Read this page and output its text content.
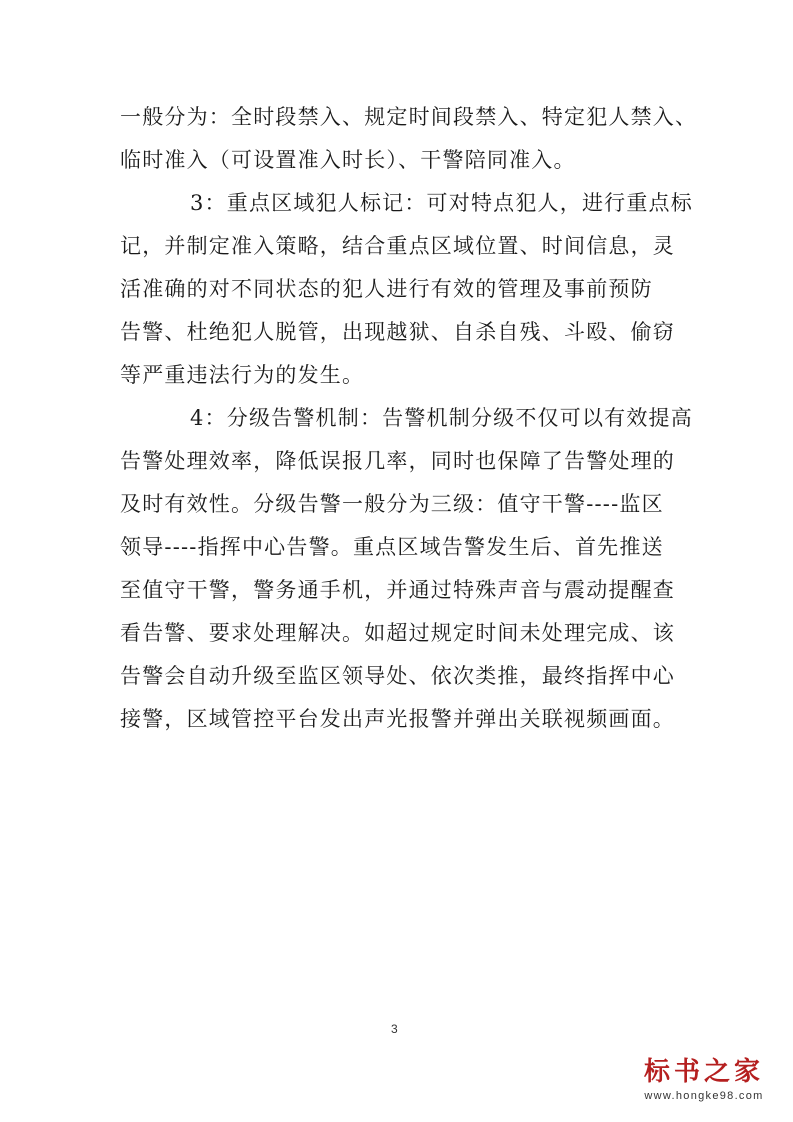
一般分为：全时段禁入、规定时间段禁入、特定犯人禁入、
临时准入（可设置准入时长）、干警陪同准入。
3：重点区域犯人标记：可对特点犯人，进行重点标
记，并制定准入策略，结合重点区域位置、时间信息，灵
活准确的对不同状态的犯人进行有效的管理及事前预防
告警、杜绝犯人脱管，出现越狱、自杀自残、斗殴、偷窃
等严重违法行为的发生。
4：分级告警机制：告警机制分级不仅可以有效提高
告警处理效率，降低误报几率，同时也保障了告警处理的
及时有效性。分级告警一般分为三级：值守干警----监区
领导----指挥中心告警。重点区域告警发生后、首先推送
至值守干警，警务通手机，并通过特殊声音与震动提醒查
看告警、要求处理解决。如超过规定时间未处理完成、该
告警会自动升级至监区领导处、依次类推，最终指挥中心
接警，区域管控平台发出声光报警并弹出关联视频画面。
3
标书之家
www.hongke98.com
